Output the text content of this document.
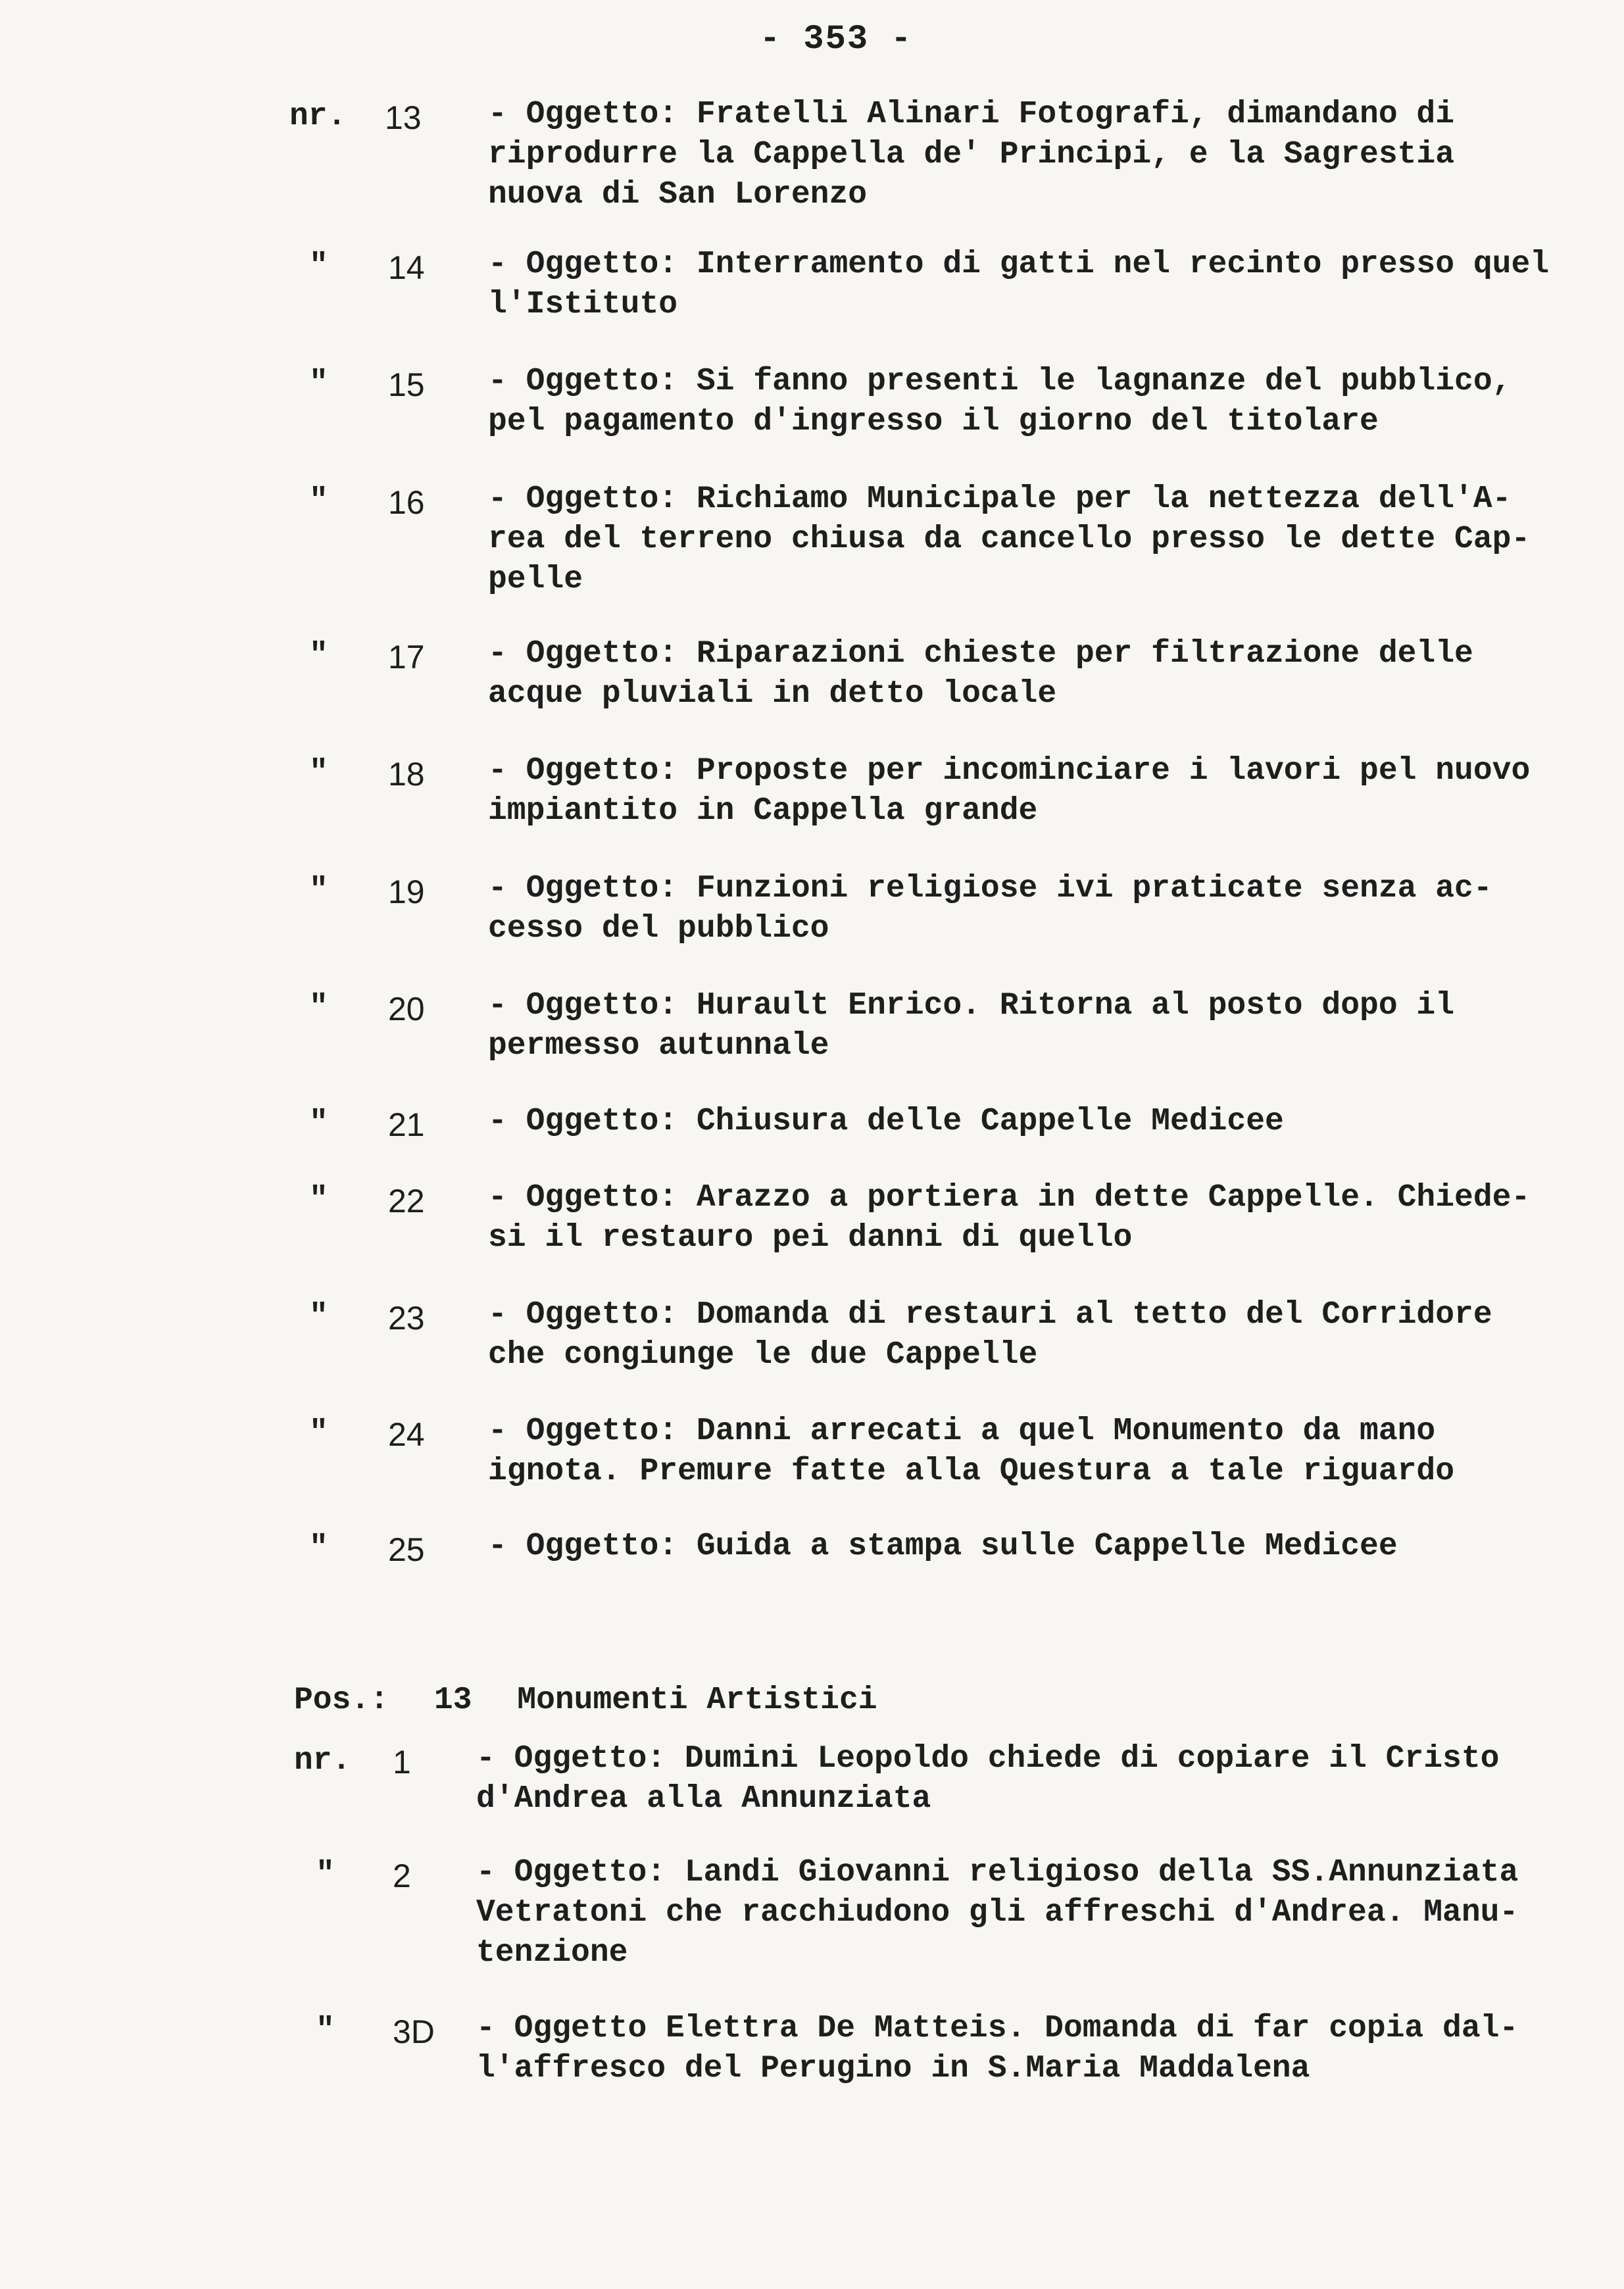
- 353 -
nr. 13 - Oggetto: Fratelli Alinari Fotografi, dimandano di
riprodurre la Cappella de' Principi, e la Sagrestia
nuova di San Lorenzo
" 14 - Oggetto: Interramento di gatti nel recinto presso quel
l'Istituto
" 15 - Oggetto: Si fanno presenti le lagnanze del pubblico,
pel pagamento d'ingresso il giorno del titolare
" 16 - Oggetto: Richiamo Municipale per la nettezza dell'A-
rea del terreno chiusa da cancello presso le dette Cap-
pelle
" 17 - Oggetto: Riparazioni chieste per filtrazione delle
acque pluviali in detto locale
" 18 - Oggetto: Proposte per incominciare i lavori pel nuovo
impiantito in Cappella grande
" 19 - Oggetto: Funzioni religiose ivi praticate senza ac-
cesso del pubblico
" 20 - Oggetto: Hurault Enrico. Ritorna al posto dopo il
permesso autunnale
" 21 - Oggetto: Chiusura delle Cappelle Medicee
" 22 - Oggetto: Arazzo a portiera in dette Cappelle. Chiede-
si il restauro pei danni di quello
" 23 - Oggetto: Domanda di restauri al tetto del Corridore
che congiunge le due Cappelle
" 24 - Oggetto: Danni arrecati a quel Monumento da mano
ignota. Premure fatte alla Questura a tale riguardo
" 25 - Oggetto: Guida a stampa sulle Cappelle Medicee
Pos.: 13 Monumenti Artistici
nr. 1 - Oggetto: Dumini Leopoldo chiede di copiare il Cristo
d'Andrea alla Annunziata
" 2 - Oggetto: Landi Giovanni religioso della SS.Annunziata
Vetratoni che racchiudono gli affreschi d'Andrea. Manu-
tenzione
" 3D - Oggetto Elettra De Matteis. Domanda di far copia dal-
l'affresco del Perugino in S.Maria Maddalena
